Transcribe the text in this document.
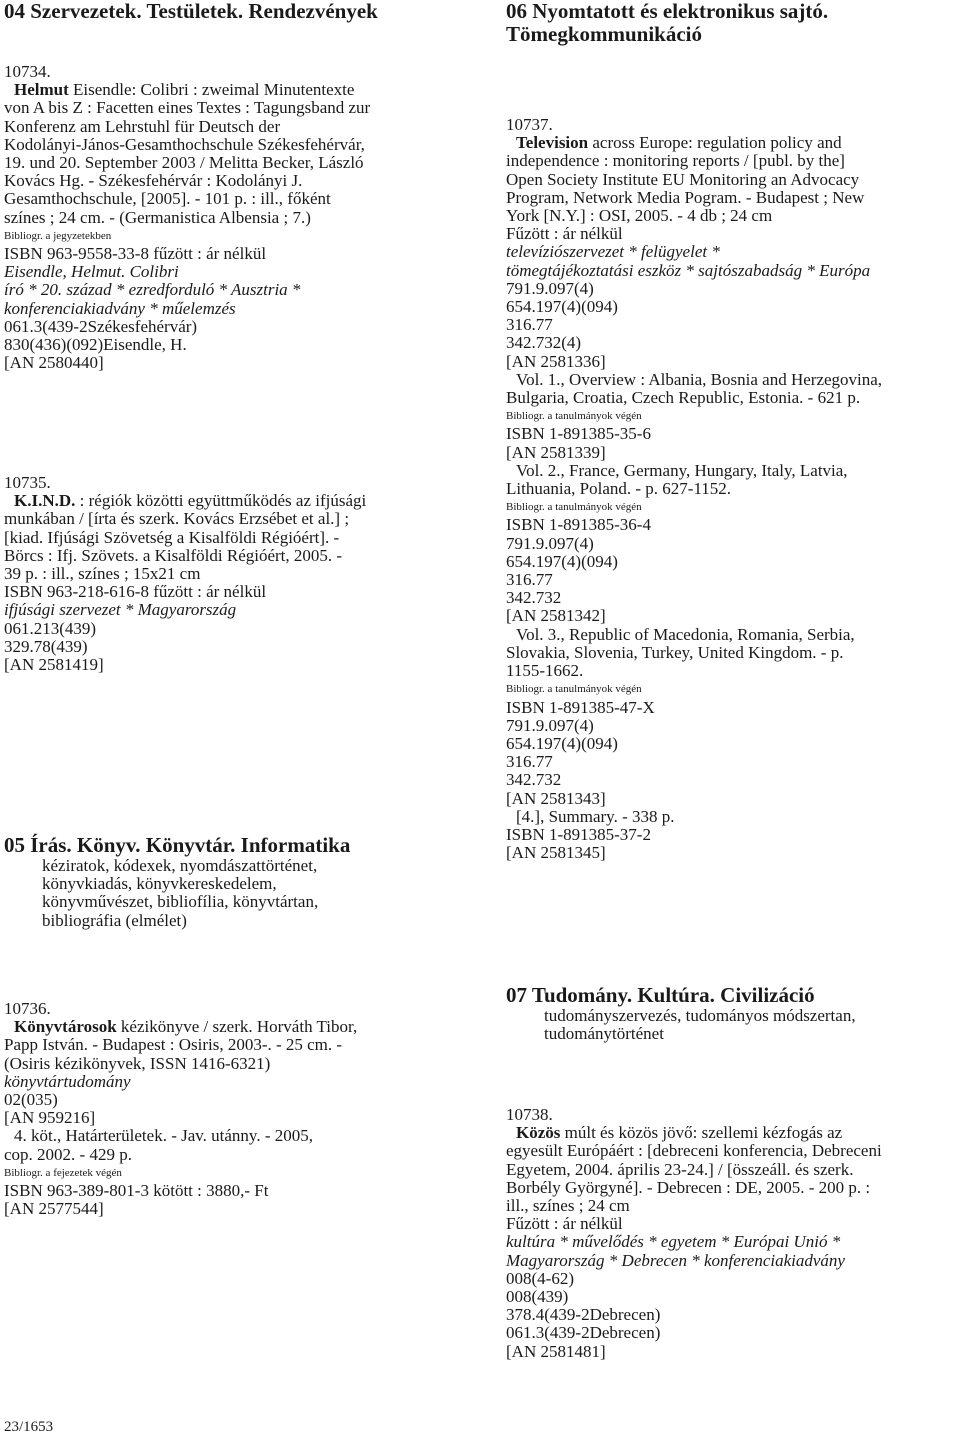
04 Szervezetek. Testületek. Rendezvények

10734.
Helmut Eisendle: Colibri : zweimal Minutentexte
von A bis Z : Facetten eines Textes : Tagungsband zur
Konferenz am Lehrstuhl für Deutsch der
Kodolányi-János-Gesamthochschule Székesfehérvár,
19. und 20. September 2003 / Melitta Becker, László
Kovács Hg. - Székesfehérvár : Kodolányi J.
Gesamthochschule, [2005]. - 101 p. : ill., főként
színes ; 24 cm. - (Germanistica Albensia ; 7.)
Bibliogr. a jegyzetekben
ISBN 963-9558-33-8 fűzött : ár nélkül
Eisendle, Helmut. Colibri
író * 20. század * ezredforduló * Ausztria *
konferenciakiadvány * műelemzés
061.3(439-2Székesfehérvár)
830(436)(092)Eisendle, H.
[AN 2580440]
10735.
K.I.N.D. : régiók közötti együttműködés az ifjúsági
munkában / [írta és szerk. Kovács Erzsébet et al.] ;
[kiad. Ifjúsági Szövetség a Kisalföldi Régióért]. -
Börcs : Ifj. Szövets. a Kisalföldi Régióért, 2005. -
39 p. : ill., színes ; 15x21 cm
ISBN 963-218-616-8 fűzött : ár nélkül
ifjúsági szervezet * Magyarország
061.213(439)
329.78(439)
[AN 2581419]

05 Írás. Könyv. Könyvtár. Informatika

kéziratok, kódexek, nyomdászattörténet,
könyvkiadás, könyvkereskedelem,
könyvművészet, bibliofília, könyvtártan,
bibliográfia (elmélet)
10736.
Könyvtárosok kézikönyve / szerk. Horváth Tibor,
Papp István. - Budapest : Osiris, 2003-. - 25 cm. -
(Osiris kézikönyvek, ISSN 1416-6321)
könyvtártudomány
02(035)
[AN 959216]
4. köt., Határterületek. - Jav. utánny. - 2005,
cop. 2002. - 429 p.
Bibliogr. a fejezetek végén
ISBN 963-389-801-3 kötött : 3880,- Ft
[AN 2577544]

06 Nyomtatott és elektronikus sajtó.

Tömegkommunikáció

10737.
Television across Europe: regulation policy and
independence : monitoring reports / [publ. by the]
Open Society Institute EU Monitoring an Advocacy
Program, Network Media Pogram. - Budapest ; New
York [N.Y.] : OSI, 2005. - 4 db ; 24 cm
Fűzött : ár nélkül
televíziószervezet * felügyelet *
tömegtájékoztatási eszköz * sajtószabadság * Európa
791.9.097(4)
654.197(4)(094)
316.77
342.732(4)
[AN 2581336]
Vol. 1., Overview : Albania, Bosnia and Herzegovina,
Bulgaria, Croatia, Czech Republic, Estonia. - 621 p.
Bibliogr. a tanulmányok végén
ISBN 1-891385-35-6
[AN 2581339]
Vol. 2., France, Germany, Hungary, Italy, Latvia,
Lithuania, Poland. - p. 627-1152.
Bibliogr. a tanulmányok végén
ISBN 1-891385-36-4
791.9.097(4)
654.197(4)(094)
316.77
342.732
[AN 2581342]
Vol. 3., Republic of Macedonia, Romania, Serbia,
Slovakia, Slovenia, Turkey, United Kingdom. - p.
1155-1662.
Bibliogr. a tanulmányok végén
ISBN 1-891385-47-X
791.9.097(4)
654.197(4)(094)
316.77
342.732
[AN 2581343]
[4.], Summary. - 338 p.
ISBN 1-891385-37-2
[AN 2581345]

07 Tudomány. Kultúra. Civilizáció

tudományszervezés, tudományos módszertan,
tudománytörténet
10738.
Közös múlt és közös jövő: szellemi kézfogás az
egyesült Európáért : [debreceni konferencia, Debreceni
Egyetem, 2004. április 23-24.] / [összeáll. és szerk.
Borbély Györgyné]. - Debrecen : DE, 2005. - 200 p. :
ill., színes ; 24 cm
Fűzött : ár nélkül
kultúra * művelődés * egyetem * Európai Unió *
Magyarország * Debrecen * konferenciakiadvány
008(4-62)
008(439)
378.4(439-2Debrecen)
061.3(439-2Debrecen)
[AN 2581481]
23/1653
